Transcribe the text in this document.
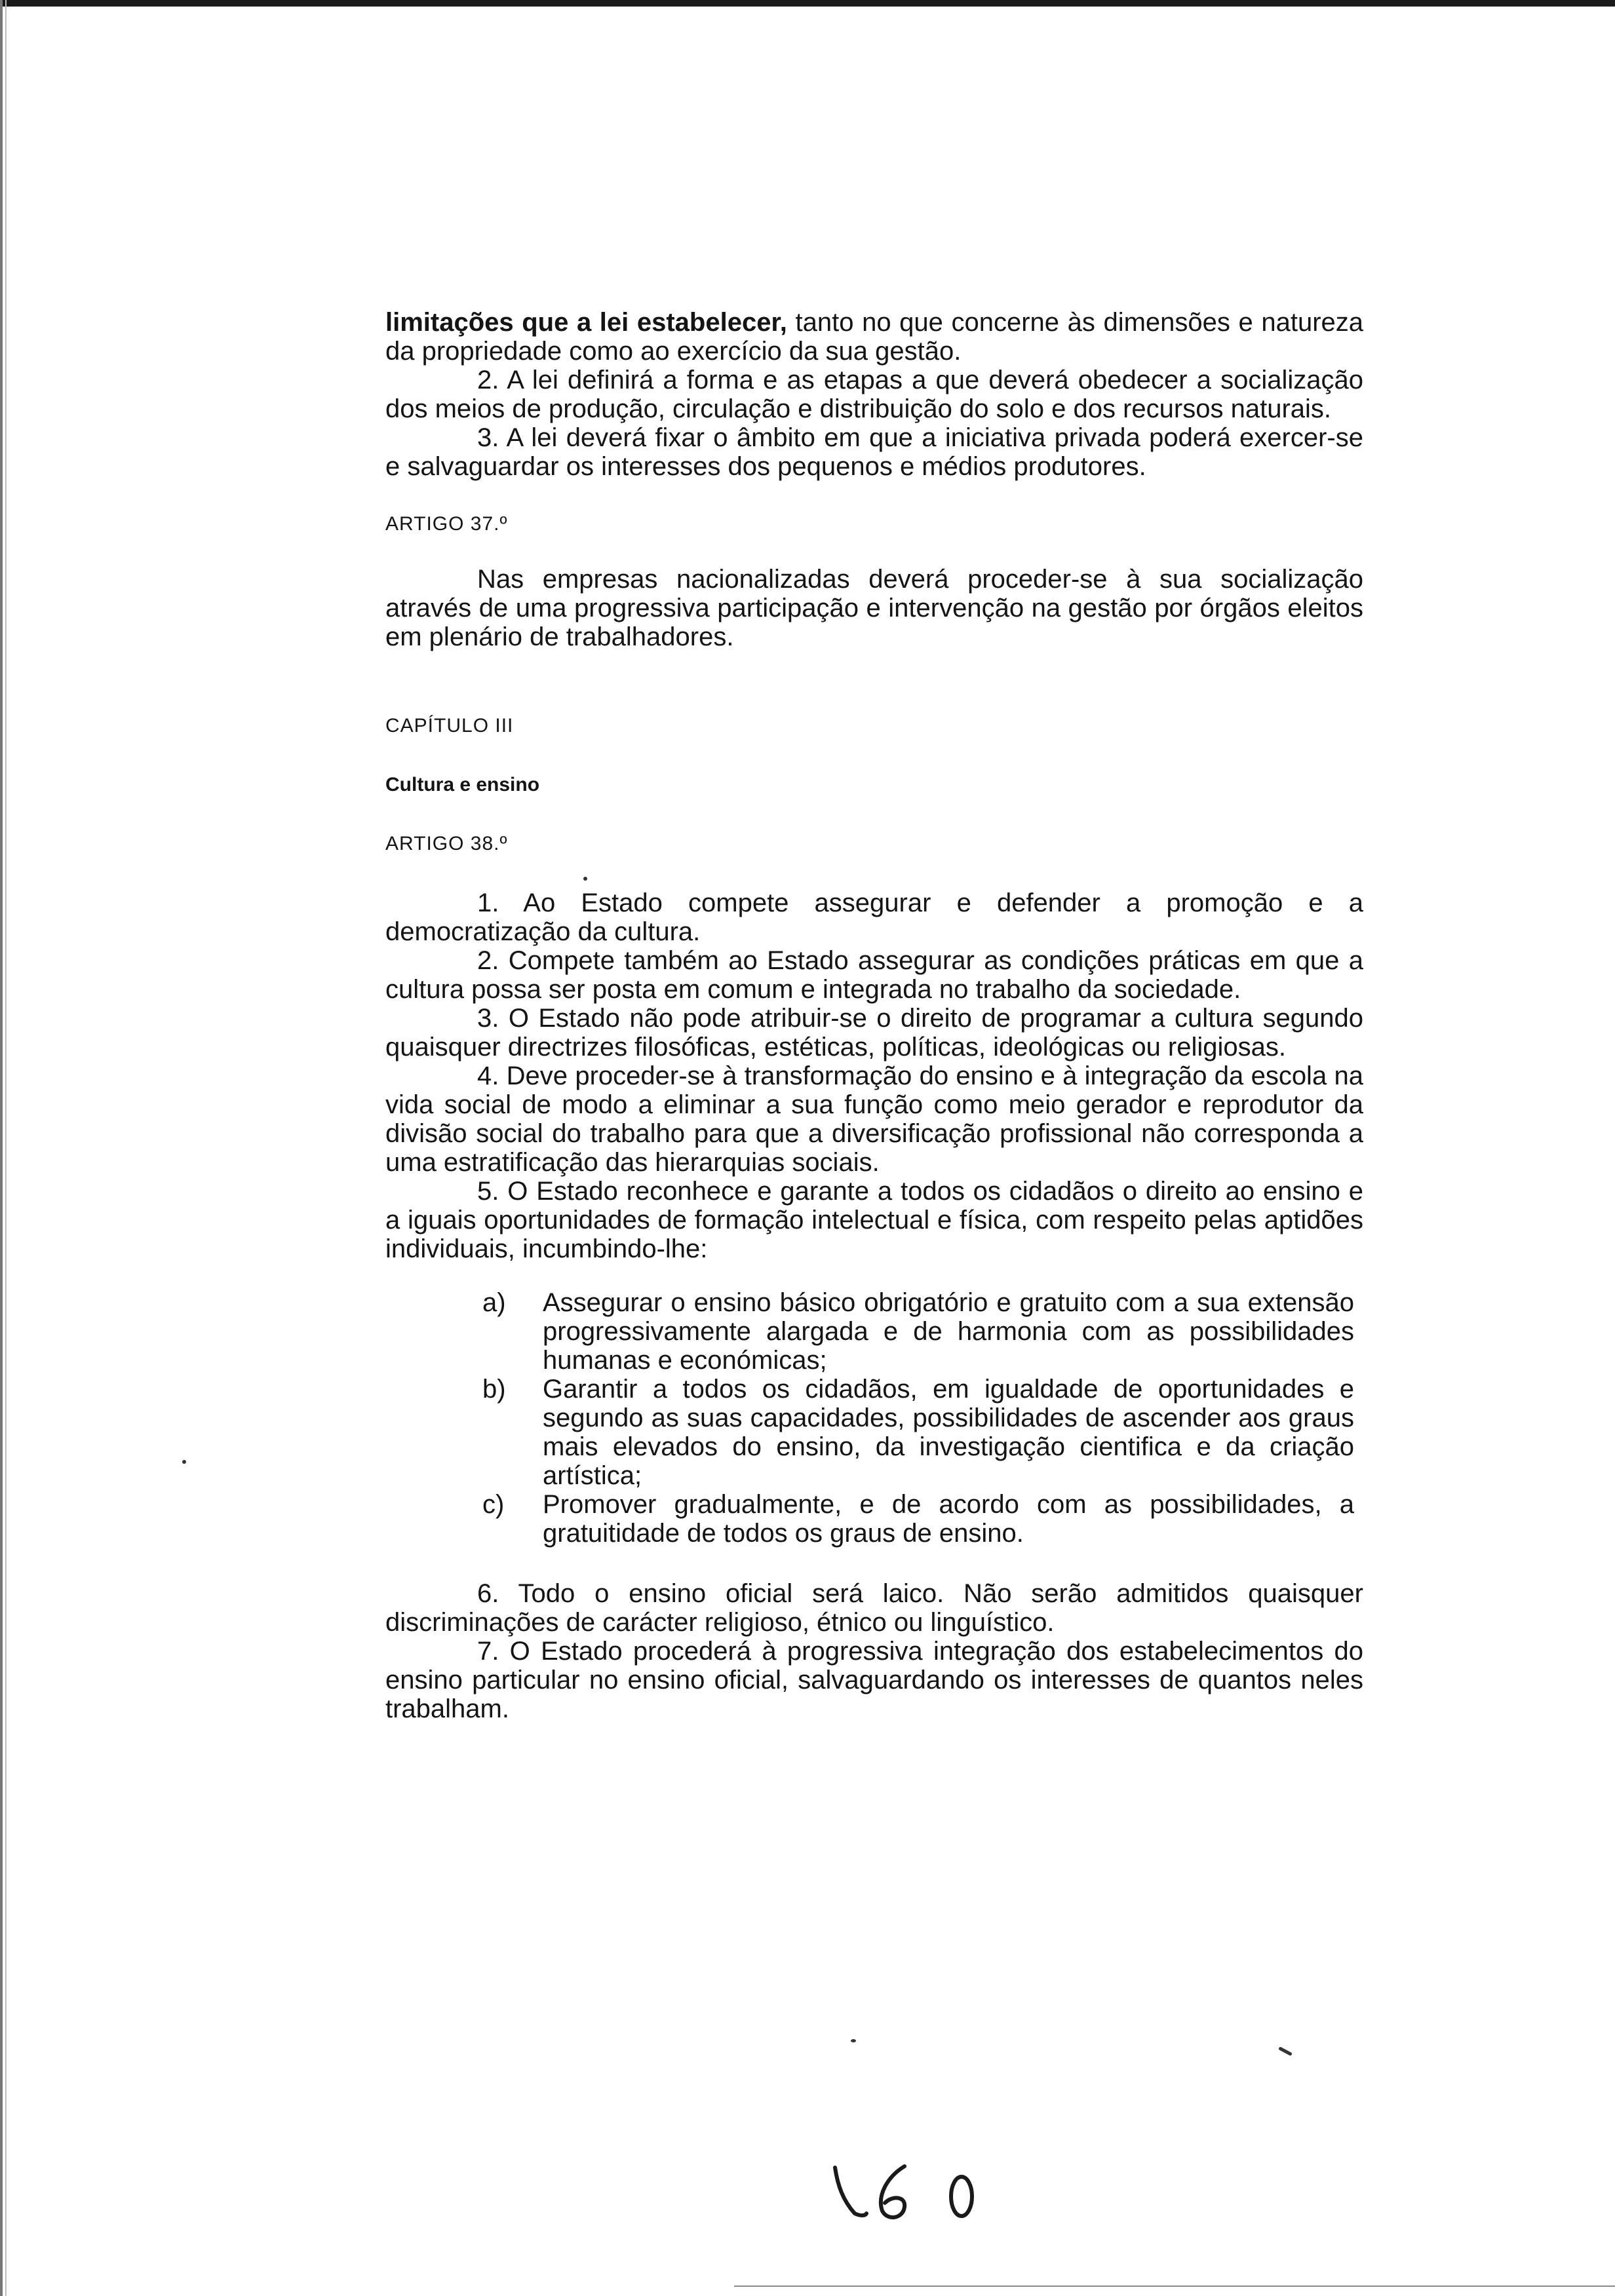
limitações que a lei estabelecer, tanto no que concerne às dimensões e natureza da propriedade como ao exercício da sua gestão.

2. A lei definirá a forma e as etapas a que deverá obedecer a socialização dos meios de produção, circulação e distribuição do solo e dos recursos naturais.

3. A lei deverá fixar o âmbito em que a iniciativa privada poderá exercer-se e salvaguardar os interesses dos pequenos e médios produtores.

ARTIGO 37.º

Nas empresas nacionalizadas deverá proceder-se à sua socialização através de uma progressiva participação e intervenção na gestão por órgãos eleitos em plenário de trabalhadores.

CAPÍTULO III

Cultura e ensino

ARTIGO 38.º

1. Ao Estado compete assegurar e defender a promoção e a democratização da cultura.

2. Compete também ao Estado assegurar as condições práticas em que a cultura possa ser posta em comum e integrada no trabalho da sociedade.

3. O Estado não pode atribuir-se o direito de programar a cultura segundo quaisquer directrizes filosóficas, estéticas, políticas, ideológicas ou religiosas.

4. Deve proceder-se à transformação do ensino e à integração da escola na vida social de modo a eliminar a sua função como meio gerador e reprodutor da divisão social do trabalho para que a diversificação profissional não corresponda a uma estratificação das hierarquias sociais.

5. O Estado reconhece e garante a todos os cidadãos o direito ao ensino e a iguais oportunidades de formação intelectual e física, com respeito pelas aptidões individuais, incumbindo-lhe:

a) Assegurar o ensino básico obrigatório e gratuito com a sua extensão progressivamente alargada e de harmonia com as possibilidades humanas e económicas;
b) Garantir a todos os cidadãos, em igualdade de oportunidades e segundo as suas capacidades, possibilidades de ascender aos graus mais elevados do ensino, da investigação cientifica e da criação artística;
c) Promover gradualmente, e de acordo com as possibilidades, a gratuitidade de todos os graus de ensino.

6. Todo o ensino oficial será laico. Não serão admitidos quaisquer discriminações de carácter religioso, étnico ou linguístico.

7. O Estado procederá à progressiva integração dos estabelecimentos do ensino particular no ensino oficial, salvaguardando os interesses de quantos neles trabalham.
